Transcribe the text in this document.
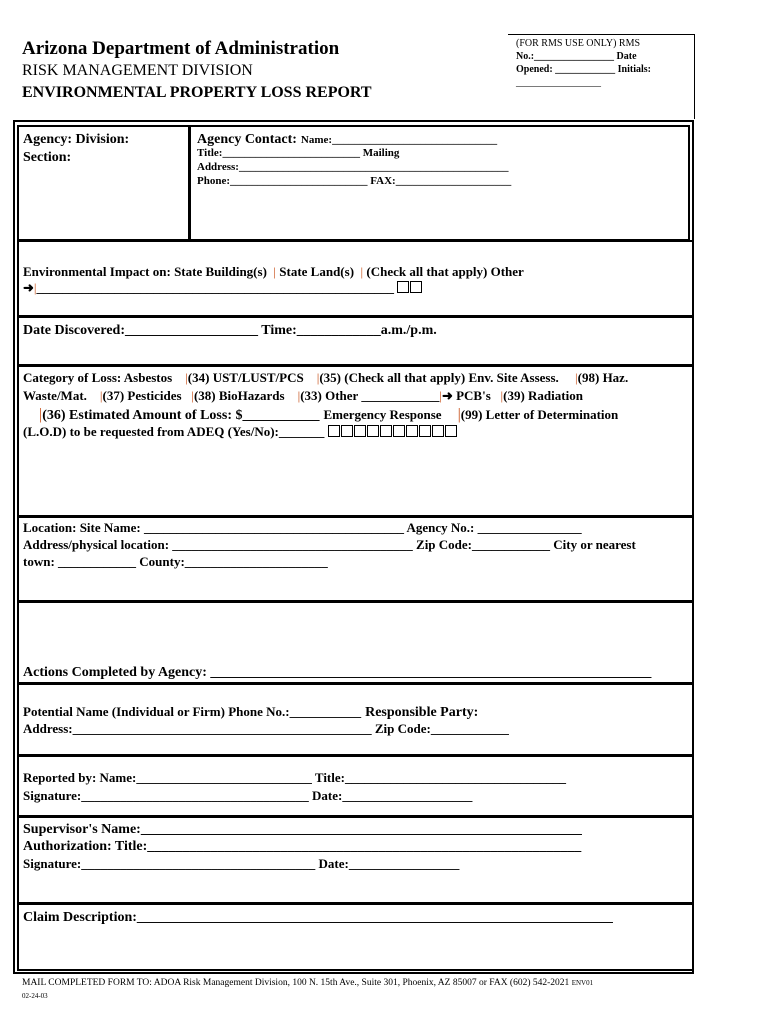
Arizona Department of Administration
RISK MANAGEMENT DIVISION
ENVIRONMENTAL PROPERTY LOSS REPORT
(FOR RMS USE ONLY) RMS
No.:________________ Date
Opened: ____________ Initials:
_________________
Agency: Division:
Section:
Agency Contact: Name:______________________________
Title:_________________________ Mailing
Address:_________________________________________________
Phone:_________________________ FAX:_____________________
Environmental Impact on: State Building(s) | State Land(s) | (Check all that apply) Other
➜|_______________________________________________________
Date Discovered:___________________ Time:____________a.m./p.m.
Category of Loss: Asbestos |(34) UST/LUST/PCS |(35) (Check all that apply) Env. Site Assess. |(98) Haz.
Waste/Mat. |(37) Pesticides |(38) BioHazards |(33) Other ____________|➜ PCB's |(39) Radiation
|(36) Estimated Amount of Loss: $___________ Emergency Response |(99) Letter of Determination
(L.O.D) to be requested from ADEQ (Yes/No):_______
Location: Site Name: ________________________________________ Agency No.: ________________
Address/physical location: _____________________________________ Zip Code:____________ City or nearest
town: ____________ County:______________________
Actions Completed by Agency: _______________________________________________________________
Potential Name (Individual or Firm) Phone No.:___________ Responsible Party:
Address:______________________________________________ Zip Code:____________
Reported by: Name:___________________________ Title:__________________________________
Signature:___________________________________ Date:____________________
Supervisor's Name:_______________________________________________________________
Authorization: Title:______________________________________________________________
Signature:____________________________________ Date:_________________
Claim Description:____________________________________________________________________
MAIL COMPLETED FORM TO: ADOA Risk Management Division, 100 N. 15th Ave., Suite 301, Phoenix, AZ 85007 or FAX (602) 542-2021 ENV01
02-24-03
